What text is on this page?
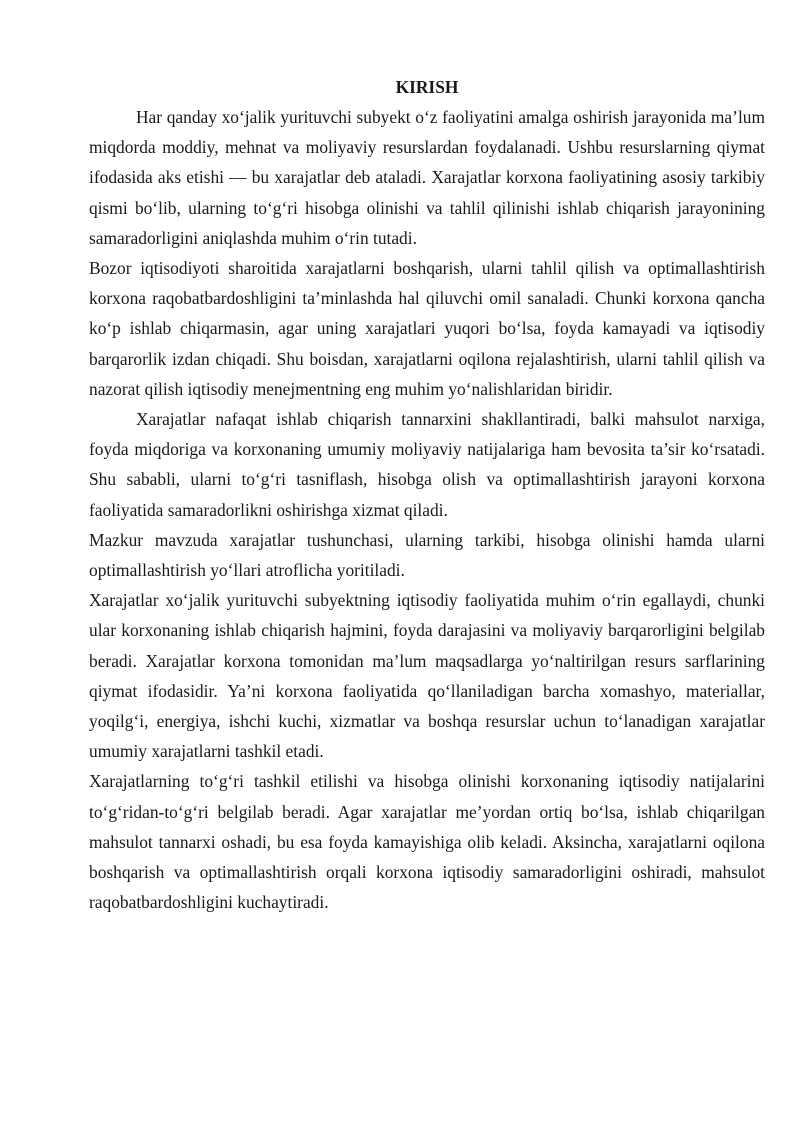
KIRISH

Har qanday xo‘jalik yurituvchi subyekt o‘z faoliyatini amalga oshirish jarayonida ma’lum miqdorda moddiy, mehnat va moliyaviy resurslardan foydalanadi. Ushbu resurslarning qiymat ifodasida aks etishi — bu xarajatlar deb ataladi. Xarajatlar korxona faoliyatining asosiy tarkibiy qismi bo‘lib, ularning to‘g‘ri hisobga olinishi va tahlil qilinishi ishlab chiqarish jarayonining samaradorligini aniqlashda muhim o‘rin tutadi.

Bozor iqtisodiyoti sharoitida xarajatlarni boshqarish, ularni tahlil qilish va optimallashtirish korxona raqobatbardoshligini ta’minlashda hal qiluvchi omil sanaladi. Chunki korxona qancha ko‘p ishlab chiqarmasin, agar uning xarajatlari yuqori bo‘lsa, foyda kamayadi va iqtisodiy barqarorlik izdan chiqadi. Shu boisdan, xarajatlarni oqilona rejalashtirish, ularni tahlil qilish va nazorat qilish iqtisodiy menejmentning eng muhim yo‘nalishlaridan biridir.

Xarajatlar nafaqat ishlab chiqarish tannarxini shakllantiradi, balki mahsulot narxiga, foyda miqdoriga va korxonaning umumiy moliyaviy natijalariga ham bevosita ta’sir ko‘rsatadi. Shu sababli, ularni to‘g‘ri tasniflash, hisobga olish va optimallashtirish jarayoni korxona faoliyatida samaradorlikni oshirishga xizmat qiladi.

Mazkur mavzuda xarajatlar tushunchasi, ularning tarkibi, hisobga olinishi hamda ularni optimallashtirish yo‘llari atroflicha yoritiladi.

Xarajatlar xo‘jalik yurituvchi subyektning iqtisodiy faoliyatida muhim o‘rin egallaydi, chunki ular korxonaning ishlab chiqarish hajmini, foyda darajasini va moliyaviy barqarorligini belgilab beradi. Xarajatlar korxona tomonidan ma’lum maqsadlarga yo‘naltirilgan resurs sarflarining qiymat ifodasidir. Ya’ni korxona faoliyatida qo‘llaniladigan barcha xomashyo, materiallar, yoqilg‘i, energiya, ishchi kuchi, xizmatlar va boshqa resurslar uchun to‘lanadigan xarajatlar umumiy xarajatlarni tashkil etadi.

Xarajatlarning to‘g‘ri tashkil etilishi va hisobga olinishi korxonaning iqtisodiy natijalarini to‘g‘ridan-to‘g‘ri belgilab beradi. Agar xarajatlar me’yordan ortiq bo‘lsa, ishlab chiqarilgan mahsulot tannarxi oshadi, bu esa foyda kamayishiga olib keladi. Aksincha, xarajatlarni oqilona boshqarish va optimallashtirish orqali korxona iqtisodiy samaradorligini oshiradi, mahsulot raqobatbardoshligini kuchaytiradi.
